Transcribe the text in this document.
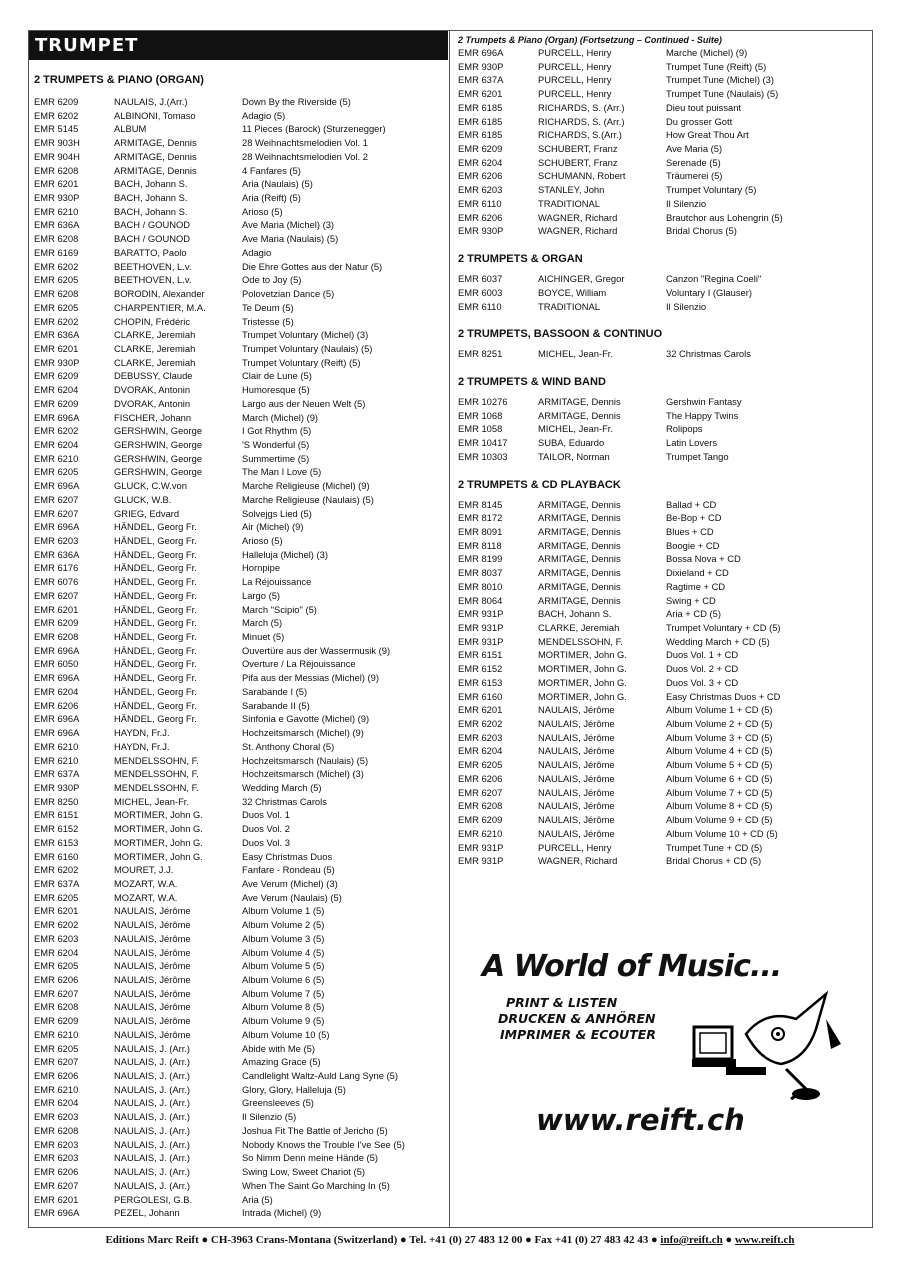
TRUMPET
2 TRUMPETS & PIANO (ORGAN)
EMR 6209	NAULAIS, J.(Arr.)	Down By the Riverside (5)
EMR 6202	ALBINONI, Tomaso	Adagio (5)
EMR 5145	ALBUM	11 Pieces (Barock) (Sturzenegger)
EMR 903H	ARMITAGE, Dennis	28 Weihnachtsmelodien Vol. 1
EMR 904H	ARMITAGE, Dennis	28 Weihnachtsmelodien Vol. 2
EMR 6208	ARMITAGE, Dennis	4 Fanfares (5)
EMR 6201	BACH, Johann S.	Aria (Naulais) (5)
EMR 930P	BACH, Johann S.	Aria (Reift) (5)
EMR 6210	BACH, Johann S.	Arioso (5)
EMR 636A	BACH / GOUNOD	Ave Maria (Michel) (3)
EMR 6208	BACH / GOUNOD	Ave Maria (Naulais) (5)
EMR 6169	BARATTO, Paolo	Adagio
EMR 6202	BEETHOVEN, L.v.	Die Ehre Gottes aus der Natur (5)
EMR 6205	BEETHOVEN, L.v.	Ode to Joy (5)
EMR 6208	BORODIN, Alexander	Polovetzian Dance (5)
EMR 6205	CHARPENTIER, M.A.	Te Deum (5)
EMR 6202	CHOPIN, Frédéric	Tristesse (5)
EMR 636A	CLARKE, Jeremiah	Trumpet Voluntary (Michel) (3)
EMR 6201	CLARKE, Jeremiah	Trumpet Voluntary (Naulais) (5)
EMR 930P	CLARKE, Jeremiah	Trumpet Voluntary (Reift) (5)
EMR 6209	DEBUSSY, Claude	Clair de Lune (5)
EMR 6204	DVORAK, Antonin	Humoresque (5)
EMR 6209	DVORAK, Antonin	Largo aus der Neuen Welt (5)
EMR 696A	FISCHER, Johann	March (Michel) (9)
EMR 6202	GERSHWIN, George	I Got Rhythm (5)
EMR 6204	GERSHWIN, George	'S Wonderful (5)
EMR 6210	GERSHWIN, George	Summertime (5)
EMR 6205	GERSHWIN, George	The Man I Love (5)
EMR 696A	GLUCK, C.W.von	Marche Religieuse (Michel) (9)
EMR 6207	GLUCK, W.B.	Marche Religieuse (Naulais) (5)
EMR 6207	GRIEG, Edvard	Solvejgs Lied (5)
EMR 696A	HÄNDEL, Georg Fr.	Air (Michel) (9)
EMR 6203	HÄNDEL, Georg Fr.	Arioso (5)
EMR 636A	HÄNDEL, Georg Fr.	Halleluja (Michel) (3)
EMR 6176	HÄNDEL, Georg Fr.	Hornpipe
EMR 6076	HÄNDEL, Georg Fr.	La Réjouissance
EMR 6207	HÄNDEL, Georg Fr.	Largo (5)
EMR 6201	HÄNDEL, Georg Fr.	March "Scipio" (5)
EMR 6209	HÄNDEL, Georg Fr.	March (5)
EMR 6208	HÄNDEL, Georg Fr.	Minuet (5)
EMR 696A	HÄNDEL, Georg Fr.	Ouvertüre aus der Wassermusik (9)
EMR 6050	HÄNDEL, Georg Fr.	Overture / La Réjouissance
EMR 696A	HÄNDEL, Georg Fr.	Pifa aus der Messias (Michel) (9)
EMR 6204	HÄNDEL, Georg Fr.	Sarabande I (5)
EMR 6206	HÄNDEL, Georg Fr.	Sarabande II (5)
EMR 696A	HÄNDEL, Georg Fr.	Sinfonia e Gavotte (Michel) (9)
EMR 696A	HAYDN, Fr.J.	Hochzeitsmarsch (Michel) (9)
EMR 6210	HAYDN, Fr.J.	St. Anthony Choral (5)
EMR 6210	MENDELSSOHN, F.	Hochzeitsmarsch (Naulais) (5)
EMR 637A	MENDELSSOHN, F.	Hochzeitsmarsch (Michel) (3)
EMR 930P	MENDELSSOHN, F.	Wedding March (5)
EMR 8250	MICHEL, Jean-Fr.	32 Christmas Carols
EMR 6151	MORTIMER, John G.	Duos Vol. 1
EMR 6152	MORTIMER, John G.	Duos Vol. 2
EMR 6153	MORTIMER, John G.	Duos Vol. 3
EMR 6160	MORTIMER, John G.	Easy Christmas Duos
EMR 6202	MOURET, J.J.	Fanfare - Rondeau (5)
EMR 637A	MOZART, W.A.	Ave Verum (Michel) (3)
EMR 6205	MOZART, W.A.	Ave Verum (Naulais) (5)
EMR 6201	NAULAIS, Jérôme	Album Volume 1 (5)
EMR 6202	NAULAIS, Jérôme	Album Volume 2 (5)
EMR 6203	NAULAIS, Jérôme	Album Volume 3 (5)
EMR 6204	NAULAIS, Jérôme	Album Volume 4 (5)
EMR 6205	NAULAIS, Jérôme	Album Volume 5 (5)
EMR 6206	NAULAIS, Jérôme	Album Volume 6 (5)
EMR 6207	NAULAIS, Jérôme	Album Volume 7 (5)
EMR 6208	NAULAIS, Jérôme	Album Volume 8 (5)
EMR 6209	NAULAIS, Jérôme	Album Volume 9 (5)
EMR 6210	NAULAIS, Jérôme	Album Volume 10 (5)
EMR 6205	NAULAIS, J. (Arr.)	Abide with Me (5)
EMR 6207	NAULAIS, J. (Arr.)	Amazing Grace (5)
EMR 6206	NAULAIS, J. (Arr.)	Candlelight Waltz-Auld Lang Syne (5)
EMR 6210	NAULAIS, J. (Arr.)	Glory, Glory, Halleluja (5)
EMR 6204	NAULAIS, J. (Arr.)	Greensleeves (5)
EMR 6203	NAULAIS, J. (Arr.)	Il Silenzio (5)
EMR 6208	NAULAIS, J. (Arr.)	Joshua Fit The Battle of Jericho (5)
EMR 6203	NAULAIS, J. (Arr.)	Nobody Knows the Trouble I've See (5)
EMR 6203	NAULAIS, J. (Arr.)	So Nimm Denn meine Hände (5)
EMR 6206	NAULAIS, J. (Arr.)	Swing Low, Sweet Chariot (5)
EMR 6207	NAULAIS, J. (Arr.)	When The Saint Go Marching In (5)
EMR 6201	PERGOLESI, G.B.	Aria (5)
EMR 696A	PEZEL, Johann	Intrada (Michel) (9)
2 Trumpets & Piano (Organ) (Fortsetzung – Continued - Suite)
EMR 696A	PURCELL, Henry	Marche (Michel) (9)
EMR 930P	PURCELL, Henry	Trumpet Tune (Reift) (5)
EMR 637A	PURCELL, Henry	Trumpet Tune (Michel) (3)
EMR 6201	PURCELL, Henry	Trumpet Tune (Naulais) (5)
EMR 6185	RICHARDS, S. (Arr.)	Dieu tout puissant
EMR 6185	RICHARDS, S. (Arr.)	Du grosser Gott
EMR 6185	RICHARDS, S.(Arr.)	How Great Thou Art
EMR 6209	SCHUBERT, Franz	Ave Maria (5)
EMR 6204	SCHUBERT, Franz	Serenade (5)
EMR 6206	SCHUMANN, Robert	Träumerei (5)
EMR 6203	STANLEY, John	Trumpet Voluntary (5)
EMR 6110	TRADITIONAL	Il Silenzio
EMR 6206	WAGNER, Richard	Brautchor aus Lohengrin (5)
EMR 930P	WAGNER, Richard	Bridal Chorus (5)
2 TRUMPETS & ORGAN
EMR 6037	AICHINGER, Gregor	Canzon "Regina Coeli"
EMR 6003	BOYCE, William	Voluntary I (Glauser)
EMR 6110	TRADITIONAL	Il Silenzio
2 TRUMPETS, BASSOON & CONTINUO
EMR 8251	MICHEL, Jean-Fr.	32 Christmas Carols
2 TRUMPETS & WIND BAND
EMR 10276	ARMITAGE, Dennis	Gershwin Fantasy
EMR 1068	ARMITAGE, Dennis	The Happy Twins
EMR 1058	MICHEL, Jean-Fr.	Rolipops
EMR 10417	SUBA, Eduardo	Latin Lovers
EMR 10303	TAILOR, Norman	Trumpet Tango
2 TRUMPETS & CD PLAYBACK
EMR 8145	ARMITAGE, Dennis	Ballad + CD
EMR 8172	ARMITAGE, Dennis	Be-Bop + CD
EMR 8091	ARMITAGE, Dennis	Blues + CD
EMR 8118	ARMITAGE, Dennis	Boogie + CD
EMR 8199	ARMITAGE, Dennis	Bossa Nova + CD
EMR 8037	ARMITAGE, Dennis	Dixieland + CD
EMR 8010	ARMITAGE, Dennis	Ragtime + CD
EMR 8064	ARMITAGE, Dennis	Swing + CD
EMR 931P	BACH, Johann S.	Aria + CD (5)
EMR 931P	CLARKE, Jeremiah	Trumpet Voluntary + CD (5)
EMR 931P	MENDELSSOHN, F.	Wedding March + CD (5)
EMR 6151	MORTIMER, John G.	Duos Vol. 1 + CD
EMR 6152	MORTIMER, John G.	Duos Vol. 2 + CD
EMR 6153	MORTIMER, John G.	Duos Vol. 3 + CD
EMR 6160	MORTIMER, John G.	Easy Christmas Duos + CD
EMR 6201	NAULAIS, Jérôme	Album Volume 1 + CD (5)
EMR 6202	NAULAIS, Jérôme	Album Volume 2 + CD (5)
EMR 6203	NAULAIS, Jérôme	Album Volume 3 + CD (5)
EMR 6204	NAULAIS, Jérôme	Album Volume 4 + CD (5)
EMR 6205	NAULAIS, Jérôme	Album Volume 5 + CD (5)
EMR 6206	NAULAIS, Jérôme	Album Volume 6 + CD (5)
EMR 6207	NAULAIS, Jérôme	Album Volume 7 + CD (5)
EMR 6208	NAULAIS, Jérôme	Album Volume 8 + CD (5)
EMR 6209	NAULAIS, Jérôme	Album Volume 9 + CD (5)
EMR 6210	NAULAIS, Jérôme	Album Volume 10 + CD (5)
EMR 931P	PURCELL, Henry	Trumpet Tune + CD (5)
EMR 931P	WAGNER, Richard	Bridal Chorus + CD (5)
A World of Music...
PRINT & LISTEN
DRUCKEN & ANHÖREN
IMPRIMER & ECOUTER
www.reift.ch
Editions Marc Reift ● CH-3963 Crans-Montana (Switzerland) ● Tel. +41 (0) 27 483 12 00 ● Fax +41 (0) 27 483 42 43 ● info@reift.ch ● www.reift.ch
